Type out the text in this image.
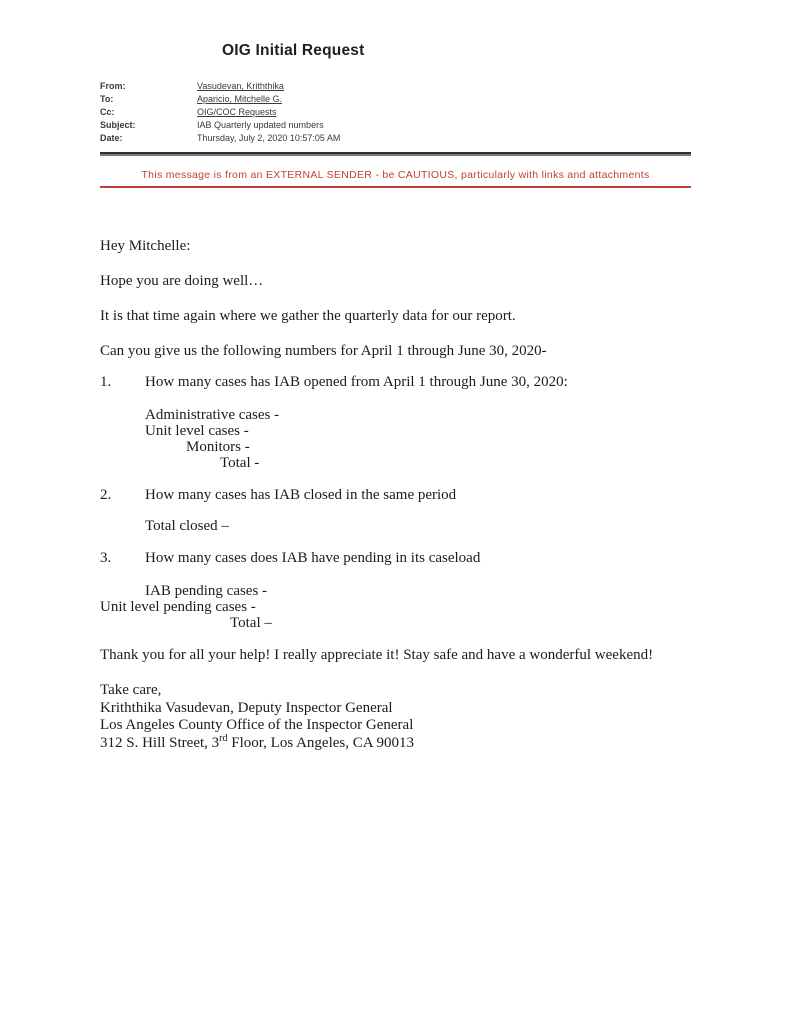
OIG Initial Request
From:	Vasudevan, Kriththika
To:	Aparicio, Mitchelle G.
Cc:	OIG/COC Requests
Subject:	IAB Quarterly updated numbers
Date:	Thursday, July 2, 2020 10:57:05 AM
This message is from an EXTERNAL SENDER - be CAUTIOUS, particularly with links and attachments

Hey Mitchelle:

Hope you are doing well…

It is that time again where we gather the quarterly data for our report.

Can you give us the following numbers for April 1 through June 30, 2020-

1.	How many cases has IAB opened from April 1 through June 30, 2020:
Administrative cases -
Unit level cases -
Monitors -
Total -
2.	How many cases has IAB closed in the same period
Total closed –
3.	How many cases does IAB have pending in its caseload
IAB pending cases -
Unit level pending cases -
Total –

Thank you for all your help! I really appreciate it! Stay safe and have a wonderful weekend!

Take care,
Kriththika Vasudevan, Deputy Inspector General
Los Angeles County Office of the Inspector General
312 S. Hill Street, 3rd Floor, Los Angeles, CA 90013
